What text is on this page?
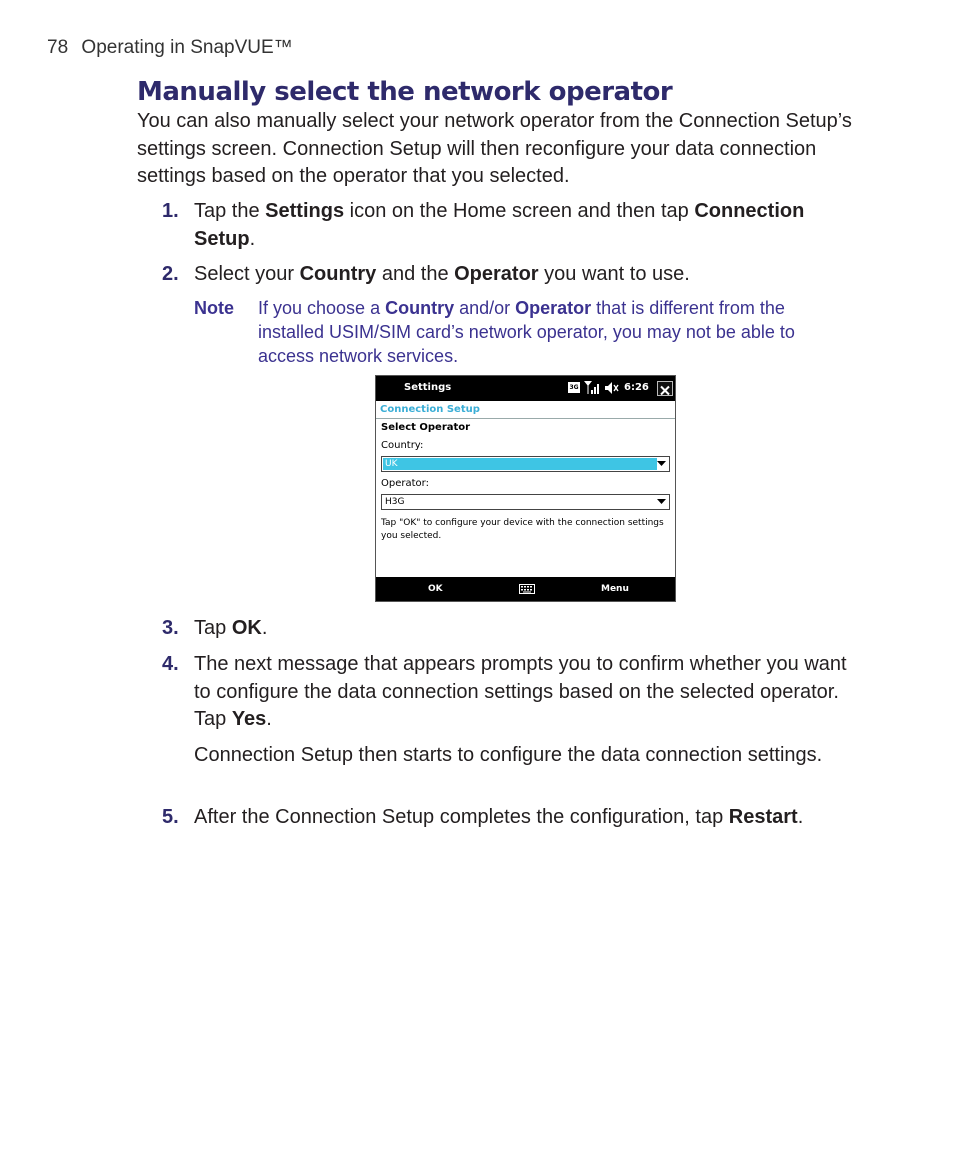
78 Operating in SnapVUE™
Manually select the network operator

You can also manually select your network operator from the Connection Setup’s settings screen. Connection Setup will then reconfigure your data connection settings based on the operator that you selected.

1. Tap the Settings icon on the Home screen and then tap Connection Setup.
2. Select your Country and the Operator you want to use.
Note If you choose a Country and/or Operator that is different from the installed USIM/SIM card’s network operator, you may not be able to access network services.
Settings	3G	6:26
Connection Setup
Select Operator
Country:
UK
Operator:
H3G
Tap "OK" to configure your device with the connection settings you selected.
OK	Menu
3. Tap OK.
4. The next message that appears prompts you to confirm whether you want to configure the data connection settings based on the selected operator. Tap Yes.
Connection Setup then starts to configure the data connection settings.
5. After the Connection Setup completes the configuration, tap Restart.
